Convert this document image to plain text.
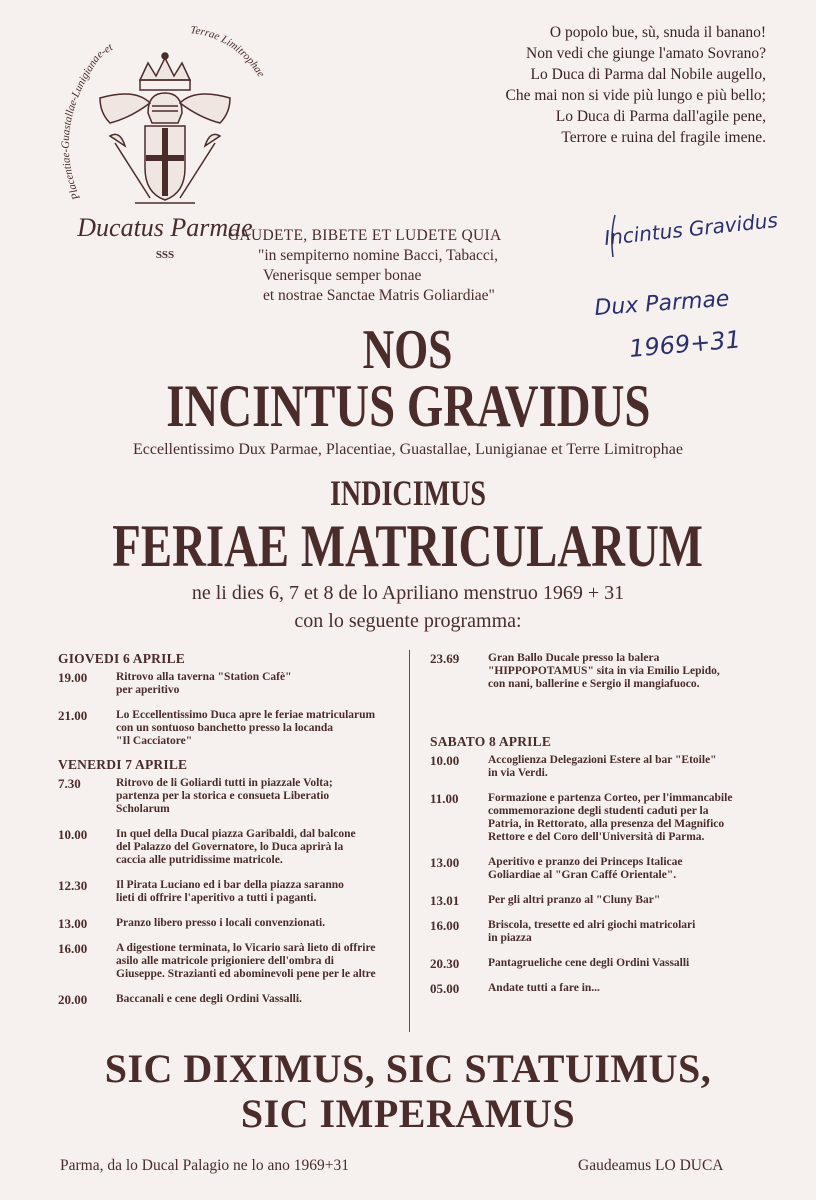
Placentiae-Guastallae-Lunigianae-et
Terrae Limitrophae
Ducatus Parmae
SSS
O popolo bue, sù, snuda il banano!
Non vedi che giunge l'amato Sovrano?
Lo Duca di Parma dal Nobile augello,
Che mai non si vide più lungo e più bello;
Lo Duca di Parma dall'agile pene,
Terrore e ruina del fragile imene.
GAUDETE, BIBETE ET LUDETE QUIA
"in sempiterno nomine Bacci, Tabacci,
Venerisque semper bonae
et nostrae Sanctae Matris Goliardiae"
Incintus Gravidus
Dux Parmae
1969+31
NOS
INCINTUS GRAVIDUS
Eccellentissimo Dux Parmae, Placentiae, Guastallae, Lunigianae et Terre Limitrophae
INDICIMUS
FERIAE MATRICULARUM
ne li dies 6, 7 et 8 de lo Apriliano menstruo 1969 + 31
con lo seguente programma:
GIOVEDI 6 APRILE
19.00	Ritrovo alla taverna "Station Cafè"
per aperitivo
21.00	Lo Eccellentissimo Duca apre le feriae matricularum
con un sontuoso banchetto presso la locanda
"Il Cacciatore"
VENERDI 7 APRILE
7.30	Ritrovo de li Goliardi tutti in piazzale Volta;
partenza per la storica e consueta Liberatio
Scholarum
10.00	In quel della Ducal piazza Garibaldi, dal balcone
del Palazzo del Governatore, lo Duca aprirà la
caccia alle putridissime matricole.
12.30	Il Pirata Luciano ed i bar della piazza saranno
lieti di offrire l'aperitivo a tutti i paganti.
13.00	Pranzo libero presso i locali convenzionati.
16.00	A digestione terminata, lo Vicario sarà lieto di offrire
asilo alle matricole prigioniere dell'ombra di
Giuseppe. Strazianti ed abominevoli pene per le altre
20.00	Baccanali e cene degli Ordini Vassalli.
23.69	Gran Ballo Ducale presso la balera
"HIPPOPOTAMUS" sita in via Emilio Lepido,
con nani, ballerine e Sergio il mangiafuoco.
SABATO 8 APRILE
10.00	Accoglienza Delegazioni Estere al bar "Etoile"
in via Verdi.
11.00	Formazione e partenza Corteo, per l'immancabile
commemorazione degli studenti caduti per la
Patria, in Rettorato, alla presenza del Magnifico
Rettore e del Coro dell'Università di Parma.
13.00	Aperitivo e pranzo dei Princeps Italicae
Goliardiae al "Gran Caffé Orientale".
13.01	Per gli altri pranzo al "Cluny Bar"
16.00	Briscola, tresette ed alri giochi matricolari
in piazza
20.30	Pantagrueliche cene degli Ordini Vassalli
05.00	Andate tutti a fare in...
SIC DIXIMUS, SIC STATUIMUS,
SIC IMPERAMUS
Parma, da lo Ducal Palagio ne lo ano 1969+31	Gaudeamus LO DUCA
